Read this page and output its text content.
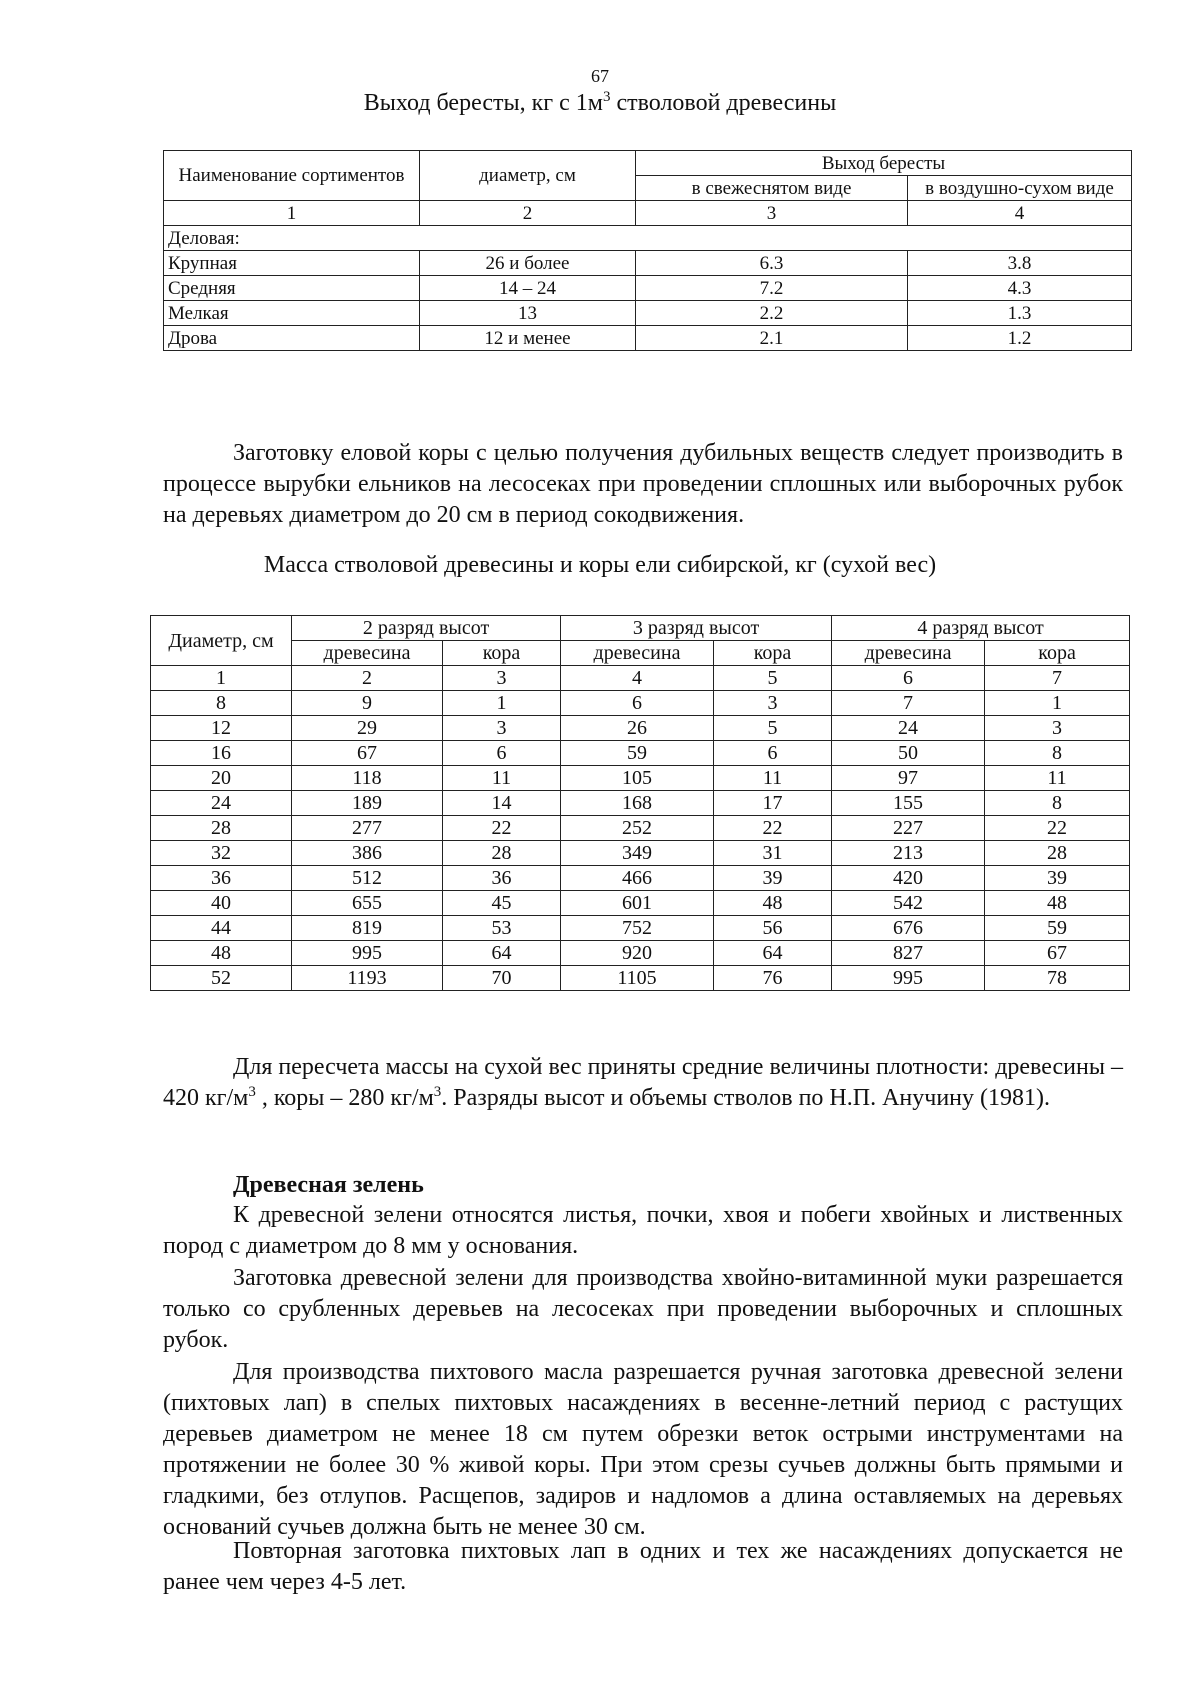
67
Выход бересты, кг с $1м^3$ стволовой древесины
Наименование сортиментов	диаметр, см	Выход бересты	
		в свежеснятом виде	в воздушно-сухом виде
1	2	3	4
Деловая:			
Крупная	26 и более	6.3	3.8
Средняя	14 – 24	7.2	4.3
Мелкая	13	2.2	1.3
Дрова	12 и менее	2.1	1.2

Заготовку еловой коры с целью получения дубильных веществ следует производить в процессе вырубки ельников на лесосеках при проведении сплошных или выборочных рубок на деревьях диаметром до 20 см в период сокодвижения.

Масса стволовой древесины и коры ели сибирской, кг (сухой вес)
Диаметр, см	2 разряд высот		3 разряд высот		4 разряд высот	
	древесина	кора	древесина	кора	древесина	кора
1	2	3	4	5	6	7
8	9	1	6	3	7	1
12	29	3	26	5	24	3
16	67	6	59	6	50	8
20	118	11	105	11	97	11
24	189	14	168	17	155	8
28	277	22	252	22	227	22
32	386	28	349	31	213	28
36	512	36	466	39	420	39
40	655	45	601	48	542	48
44	819	53	752	56	676	59
48	995	64	920	64	827	67
52	1193	70	1105	76	995	78

Для пересчета массы на сухой вес приняты средние величины плотности: древесины – 420 $кг/м^3$ , коры – 280 $кг/м^3$. Разряды высот и объемы стволов по Н.П. Анучину (1981).

Древесная зелень

К древесной зелени относятся листья, почки, хвоя и побеги хвойных и лиственных пород с диаметром до 8 мм у основания.

Заготовка древесной зелени для производства хвойно-витаминной муки разрешается только со срубленных деревьев на лесосеках при проведении выборочных и сплошных рубок.

Для производства пихтового масла разрешается ручная заготовка древесной зелени (пихтовых лап) в спелых пихтовых насаждениях в весенне-летний период с растущих деревьев диаметром не менее 18 см путем обрезки веток острыми инструментами на протяжении не более 30 % живой коры. При этом срезы сучьев должны быть прямыми и гладкими, без отлупов. Расщепов, задиров и надломов а длина оставляемых на деревьях оснований сучьев должна быть не менее 30 см.

Повторная заготовка пихтовых лап в одних и тех же насаждениях допускается не ранее чем через 4-5 лет.
